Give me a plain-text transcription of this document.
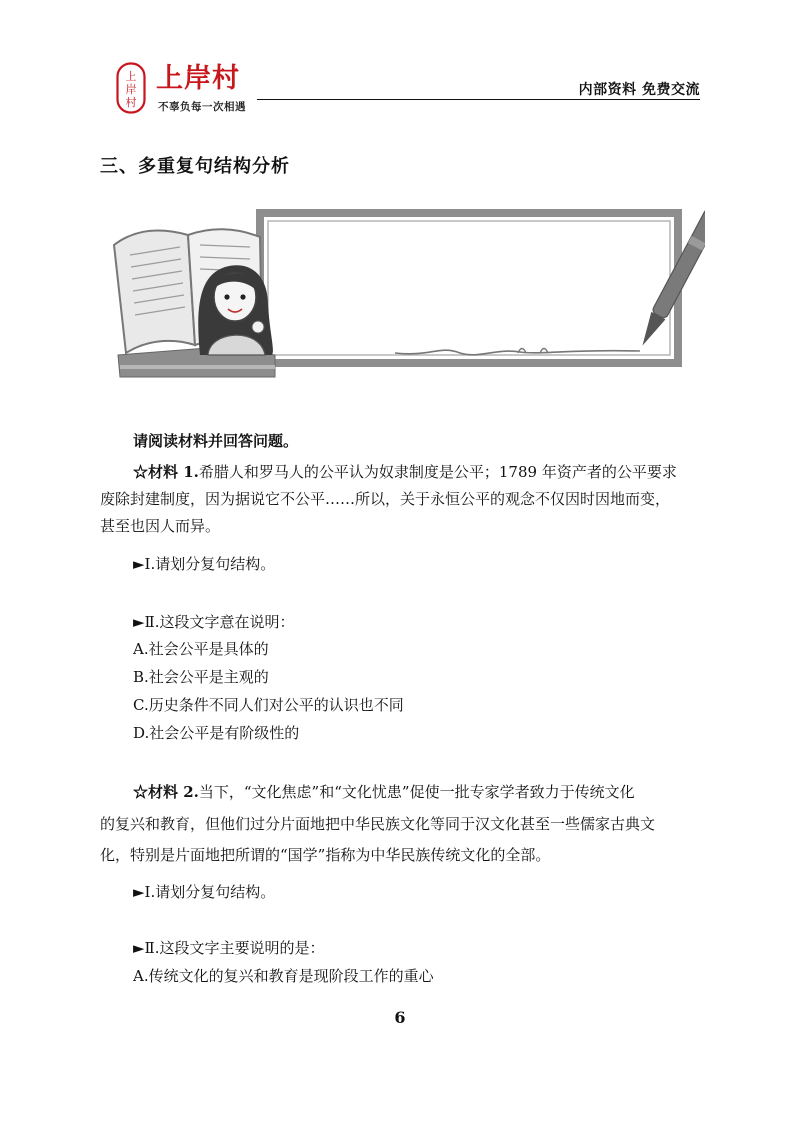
上
岸
村
上岸村
不辜负每一次相遇
内部资料 免费交流
三、多重复句结构分析
请阅读材料并回答问题。
☆材料 1.希腊人和罗马人的公平认为奴隶制度是公平；1789 年资产者的公平要求
废除封建制度，因为据说它不公平……所以，关于永恒公平的观念不仅因时因地而变，
甚至也因人而异。
►Ⅰ.请划分复句结构。
►Ⅱ.这段文字意在说明：
A.社会公平是具体的
B.社会公平是主观的
C.历史条件不同人们对公平的认识也不同
D.社会公平是有阶级性的
☆材料 2.当下，“文化焦虑”和“文化忧患”促使一批专家学者致力于传统文化
的复兴和教育，但他们过分片面地把中华民族文化等同于汉文化甚至一些儒家古典文
化，特别是片面地把所谓的“国学”指称为中华民族传统文化的全部。
►Ⅰ.请划分复句结构。
►Ⅱ.这段文字主要说明的是：
A.传统文化的复兴和教育是现阶段工作的重心
6
